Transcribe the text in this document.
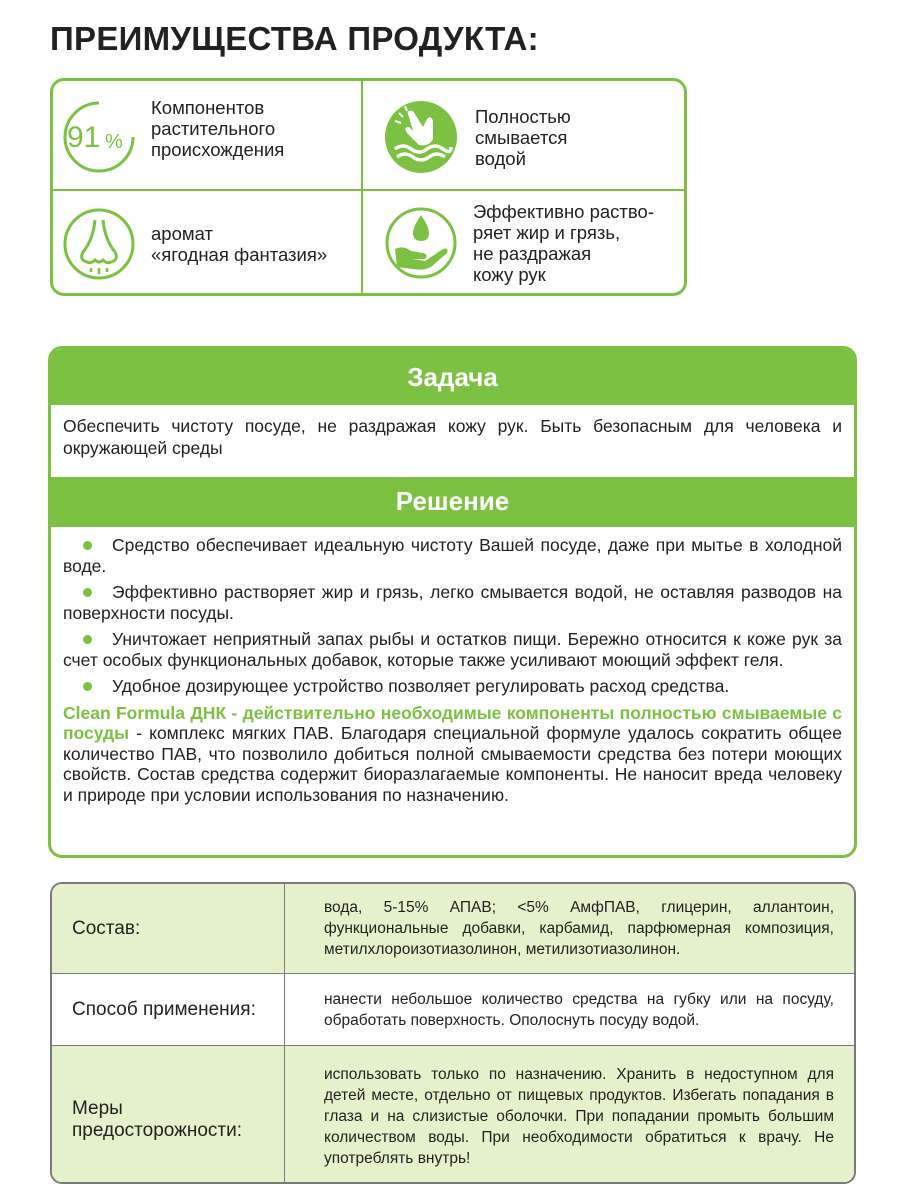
ПРЕИМУЩЕСТВА ПРОДУКТА:
91 %
Компонентов
растительного
происхождения
Полностью
смывается
водой
аромат
«ягодная фантазия»
Эффективно раство-
ряет жир и грязь,
не раздражая
кожу рук
Задача
Обеспечить чистоту посуде, не раздражая кожу рук. Быть безопасным для человека и окружающей среды
Решение
Средство обеспечивает идеальную чистоту Вашей посуде, даже при мытье в холодной воде.
Эффективно растворяет жир и грязь, легко смывается водой, не оставляя разводов на поверхности посуды.
Уничтожает неприятный запах рыбы и остатков пищи. Бережно относится к коже рук за счет особых функциональных добавок, которые также усиливают моющий эффект геля.
Удобное дозирующее устройство позволяет регулировать расход средства.
Clean Formula ДНК - действительно необходимые компоненты полностью смываемые с посуды - комплекс мягких ПАВ. Благодаря специальной формуле удалось сократить общее количество ПАВ, что позволило добиться полной смываемости средства без потери моющих свойств. Состав средства содержит биоразлагаемые компоненты. Не наносит вреда человеку и природе при условии использования по назначению.
Состав:
вода, 5-15% АПАВ; <5% АмфПАВ, глицерин, аллантоин, функциональные добавки, карбамид, парфюмерная композиция, метилхлороизотиазолинон, метилизотиазолинон.
Способ применения:	нанести небольшое количество средства на губку или на посуду, обработать поверхность. Ополоснуть посуду водой.
Меры предосторожности:
использовать только по назначению. Хранить в недоступном для детей месте, отдельно от пищевых продуктов. Избегать попадания в глаза и на слизистые оболочки. При попадании промыть большим количеством воды. При необходимости обратиться к врачу. Не употреблять внутрь!
